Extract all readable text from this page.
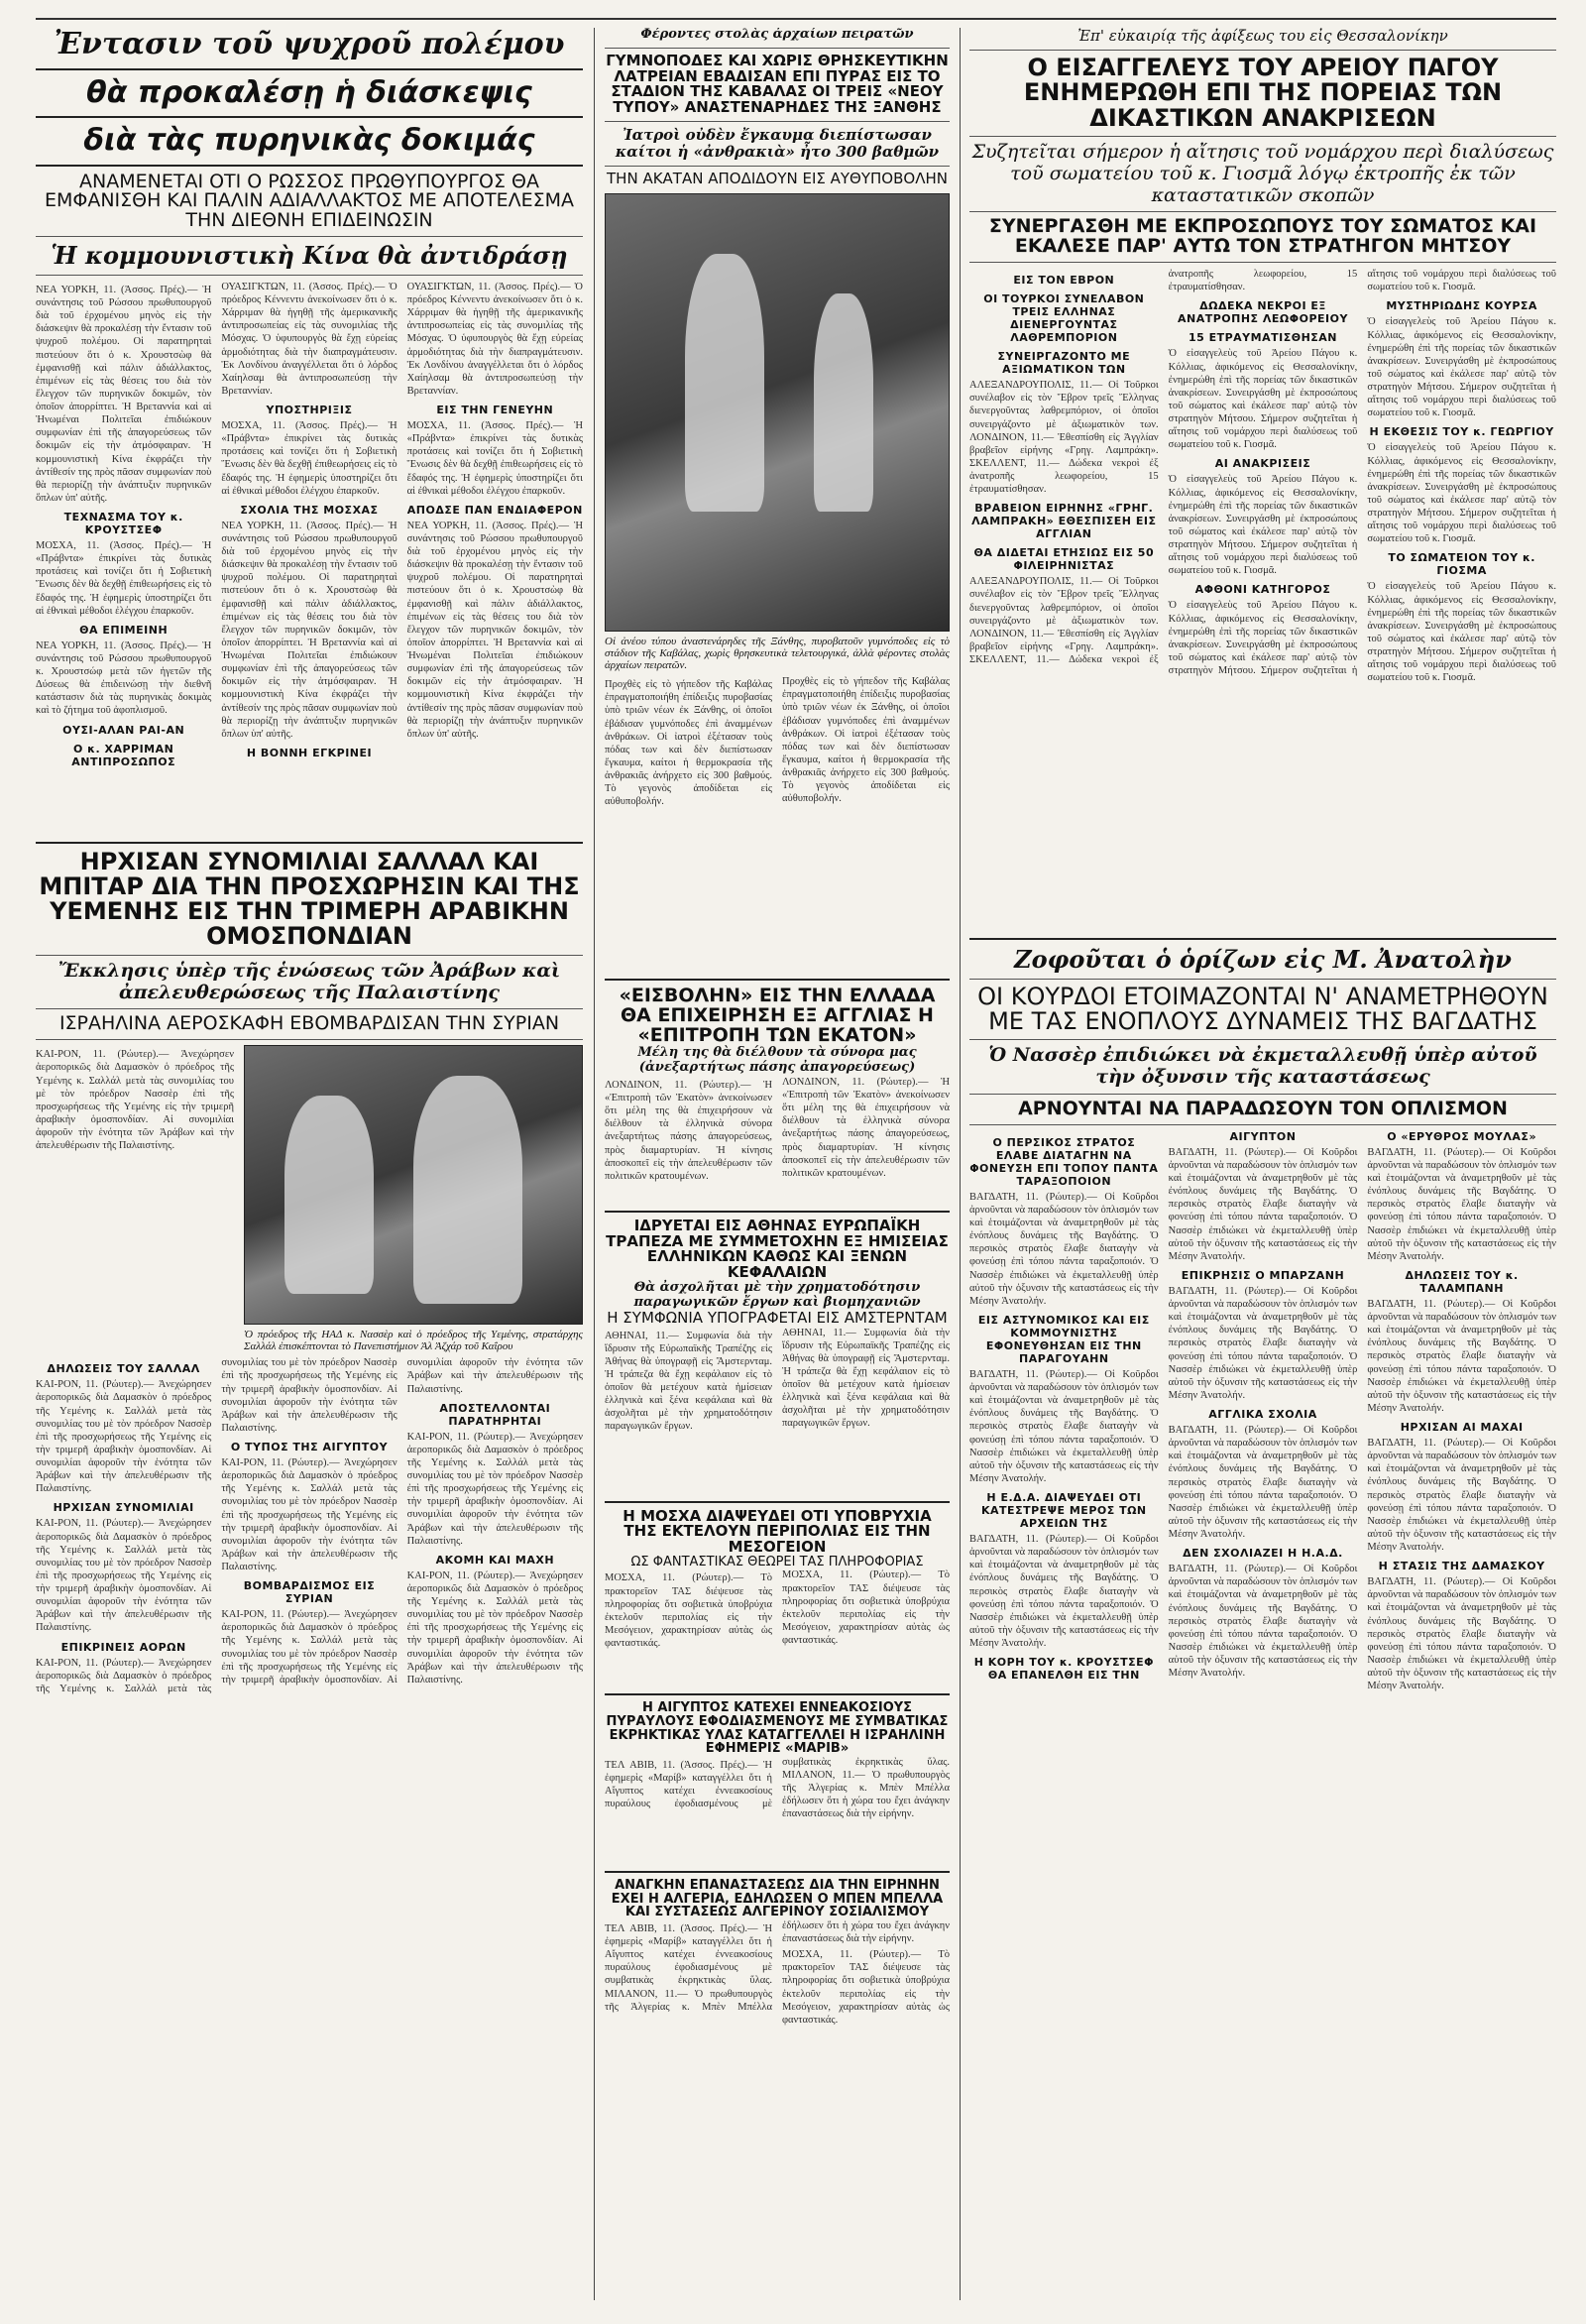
Ἐντασιν τοῦ ψυχροῦ πολέμου

θὰ προκαλέσῃ ἡ διάσκεψις

διὰ τὰς πυρηνικὰς δοκιμάς

ΑΝΑΜΕΝΕΤΑΙ ΟΤΙ Ο ΡΩΣΣΟΣ ΠΡΩΘΥΠΟΥΡΓΟΣ ΘΑ ΕΜΦΑΝΙΣΘΗ ΚΑΙ ΠΑΛΙΝ ΑΔΙΑΛΛΑΚΤΟΣ ΜΕ ΑΠΟΤΕΛΕΣΜΑ ΤΗΝ ΔΙΕΘΝΗ ΕΠΙΔΕΙΝΩΣΙΝ

Ἡ κομμουνιστικὴ Κίνα θὰ ἀντιδράσῃ

ΝΕΑ ΥΟΡΚΗ, 11. (Ἀσσος. Πρές).— Ἡ συνάντησις τοῦ Ρώσσου πρωθυπουργοῦ διὰ τοῦ ἐρχομένου μηνὸς εἰς τὴν διάσκεψιν θὰ προκαλέσῃ τὴν ἔντασιν τοῦ ψυχροῦ πολέμου. Οἱ παρατηρηταὶ πιστεύουν ὅτι ὁ κ. Χρουστσὼφ θὰ ἐμφανισθῇ καὶ πάλιν ἀδιάλλακτος, ἐπιμένων εἰς τὰς θέσεις του διὰ τὸν ἔλεγχον τῶν πυρηνικῶν δοκιμῶν, τὸν ὁποῖον ἀπορρίπτει. Ἡ Βρεταννία καὶ αἱ Ἡνωμέναι Πολιτεῖαι ἐπιδιώκουν συμφωνίαν ἐπὶ τῆς ἀπαγορεύσεως τῶν δοκιμῶν εἰς τὴν ἀτμόσφαιραν. Ἡ κομμουνιστικὴ Κίνα ἐκφράζει τὴν ἀντίθεσίν της πρὸς πᾶσαν συμφωνίαν ποὺ θὰ περιορίζῃ τὴν ἀνάπτυξιν πυρηνικῶν ὅπλων ὑπ' αὐτῆς.

ΤΕΧΝΑΣΜΑ ΤΟΥ κ. ΚΡΟΥΣΤΣΕΦ

ΜΟΣΧΑ, 11. (Ἀσσος. Πρές).— Ἡ «Πράβντα» ἐπικρίνει τὰς δυτικὰς προτάσεις καὶ τονίζει ὅτι ἡ Σοβιετικὴ Ἕνωσις δὲν θὰ δεχθῇ ἐπιθεωρήσεις εἰς τὸ ἔδαφός της. Ἡ ἐφημερὶς ὑποστηρίζει ὅτι αἱ ἐθνικαὶ μέθοδοι ἐλέγχου ἐπαρκοῦν.

ΘΑ ΕΠΙΜΕΙΝΗ

ΝΕΑ ΥΟΡΚΗ, 11. (Ἀσσος. Πρές).— Ἡ συνάντησις τοῦ Ρώσσου πρωθυπουργοῦ κ. Χρουστσώφ μετὰ τῶν ἡγετῶν τῆς Δύσεως θὰ ἐπιδεινώσῃ τὴν διεθνῆ κατάστασιν διὰ τὰς πυρηνικὰς δοκιμὰς καὶ τὸ ζήτημα τοῦ ἀφοπλισμοῦ.

ΟΥΣΙ-ΑΛΑΝ ΡΑΙ-ΑΝ

Ο κ. ΧΑΡΡΙΜΑΝ ΑΝΤΙΠΡΟΣΩΠΟΣ

ΟΥΑΣΙΓΚΤΩΝ, 11. (Ἀσσος. Πρές).— Ὁ πρόεδρος Κέννεντυ ἀνεκοίνωσεν ὅτι ὁ κ. Χάρριμαν θὰ ἡγηθῇ τῆς ἀμερικανικῆς ἀντιπροσωπείας εἰς τὰς συνομιλίας τῆς Μόσχας. Ὁ ὑφυπουργὸς θὰ ἔχῃ εὐρείας ἁρμοδιότητας διὰ τὴν διαπραγμάτευσιν. Ἐκ Λονδίνου ἀναγγέλλεται ὅτι ὁ λόρδος Χαίηλσαμ θὰ ἀντιπροσωπεύσῃ τὴν Βρεταννίαν.

ΥΠΟΣΤΗΡΙΞΙΣ

ΜΟΣΧΑ, 11. (Ἀσσος. Πρές).— Ἡ «Πράβντα» ἐπικρίνει τὰς δυτικὰς προτάσεις καὶ τονίζει ὅτι ἡ Σοβιετικὴ Ἕνωσις δὲν θὰ δεχθῇ ἐπιθεωρήσεις εἰς τὸ ἔδαφός της. Ἡ ἐφημερὶς ὑποστηρίζει ὅτι αἱ ἐθνικαὶ μέθοδοι ἐλέγχου ἐπαρκοῦν.

ΣΧΟΛΙΑ ΤΗΣ ΜΟΣΧΑΣ

ΝΕΑ ΥΟΡΚΗ, 11. (Ἀσσος. Πρές).— Ἡ συνάντησις τοῦ Ρώσσου πρωθυπουργοῦ διὰ τοῦ ἐρχομένου μηνὸς εἰς τὴν διάσκεψιν θὰ προκαλέσῃ τὴν ἔντασιν τοῦ ψυχροῦ πολέμου. Οἱ παρατηρηταὶ πιστεύουν ὅτι ὁ κ. Χρουστσὼφ θὰ ἐμφανισθῇ καὶ πάλιν ἀδιάλλακτος, ἐπιμένων εἰς τὰς θέσεις του διὰ τὸν ἔλεγχον τῶν πυρηνικῶν δοκιμῶν, τὸν ὁποῖον ἀπορρίπτει. Ἡ Βρεταννία καὶ αἱ Ἡνωμέναι Πολιτεῖαι ἐπιδιώκουν συμφωνίαν ἐπὶ τῆς ἀπαγορεύσεως τῶν δοκιμῶν εἰς τὴν ἀτμόσφαιραν. Ἡ κομμουνιστικὴ Κίνα ἐκφράζει τὴν ἀντίθεσίν της πρὸς πᾶσαν συμφωνίαν ποὺ θὰ περιορίζῃ τὴν ἀνάπτυξιν πυρηνικῶν ὅπλων ὑπ' αὐτῆς.

Η ΒΟΝΝΗ ΕΓΚΡΙΝΕΙ

ΟΥΑΣΙΓΚΤΩΝ, 11. (Ἀσσος. Πρές).— Ὁ πρόεδρος Κέννεντυ ἀνεκοίνωσεν ὅτι ὁ κ. Χάρριμαν θὰ ἡγηθῇ τῆς ἀμερικανικῆς ἀντιπροσωπείας εἰς τὰς συνομιλίας τῆς Μόσχας. Ὁ ὑφυπουργὸς θὰ ἔχῃ εὐρείας ἁρμοδιότητας διὰ τὴν διαπραγμάτευσιν. Ἐκ Λονδίνου ἀναγγέλλεται ὅτι ὁ λόρδος Χαίηλσαμ θὰ ἀντιπροσωπεύσῃ τὴν Βρεταννίαν.

ΕΙΣ ΤΗΝ ΓΕΝΕΥΗΝ

ΜΟΣΧΑ, 11. (Ἀσσος. Πρές).— Ἡ «Πράβντα» ἐπικρίνει τὰς δυτικὰς προτάσεις καὶ τονίζει ὅτι ἡ Σοβιετικὴ Ἕνωσις δὲν θὰ δεχθῇ ἐπιθεωρήσεις εἰς τὸ ἔδαφός της. Ἡ ἐφημερὶς ὑποστηρίζει ὅτι αἱ ἐθνικαὶ μέθοδοι ἐλέγχου ἐπαρκοῦν.

ΑΠΟΔΣΕ ΠΑΝ ΕΝΔΙΑΦΕΡΟΝ

ΝΕΑ ΥΟΡΚΗ, 11. (Ἀσσος. Πρές).— Ἡ συνάντησις τοῦ Ρώσσου πρωθυπουργοῦ διὰ τοῦ ἐρχομένου μηνὸς εἰς τὴν διάσκεψιν θὰ προκαλέσῃ τὴν ἔντασιν τοῦ ψυχροῦ πολέμου. Οἱ παρατηρηταὶ πιστεύουν ὅτι ὁ κ. Χρουστσὼφ θὰ ἐμφανισθῇ καὶ πάλιν ἀδιάλλακτος, ἐπιμένων εἰς τὰς θέσεις του διὰ τὸν ἔλεγχον τῶν πυρηνικῶν δοκιμῶν, τὸν ὁποῖον ἀπορρίπτει. Ἡ Βρεταννία καὶ αἱ Ἡνωμέναι Πολιτεῖαι ἐπιδιώκουν συμφωνίαν ἐπὶ τῆς ἀπαγορεύσεως τῶν δοκιμῶν εἰς τὴν ἀτμόσφαιραν. Ἡ κομμουνιστικὴ Κίνα ἐκφράζει τὴν ἀντίθεσίν της πρὸς πᾶσαν συμφωνίαν ποὺ θὰ περιορίζῃ τὴν ἀνάπτυξιν πυρηνικῶν ὅπλων ὑπ' αὐτῆς.

ΗΡΧΙΣΑΝ ΣΥΝΟΜΙΛΙΑΙ ΣΑΛΛΑΛ ΚΑΙ ΜΠΙΤΑΡ ΔΙΑ ΤΗΝ ΠΡΟΣΧΩΡΗΣΙΝ ΚΑΙ ΤΗΣ ΥΕΜΕΝΗΣ ΕΙΣ ΤΗΝ ΤΡΙΜΕΡΗ ΑΡΑΒΙΚΗΝ ΟΜΟΣΠΟΝΔΙΑΝ

Ἔκκλησις ὑπὲρ τῆς ἑνώσεως τῶν Ἀράβων καὶ ἀπελευθερώσεως τῆς Παλαιστίνης

ΙΣΡΑΗΛΙΝΑ ΑΕΡΟΣΚΑΦΗ ΕΒΟΜΒΑΡΔΙΣΑΝ ΤΗΝ ΣΥΡΙΑΝ

ΚΑΙ-ΡΟΝ, 11. (Ρώυτερ).— Ἀνεχώρησεν ἀεροπορικῶς διὰ Δαμασκὸν ὁ πρόεδρος τῆς Υεμένης κ. Σαλλάλ μετὰ τὰς συνομιλίας του μὲ τὸν πρόεδρον Νασσὲρ ἐπὶ τῆς προσχωρήσεως τῆς Υεμένης εἰς τὴν τριμερῆ ἀραβικὴν ὁμοσπονδίαν. Αἱ συνομιλίαι ἀφοροῦν τὴν ἑνότητα τῶν Ἀράβων καὶ τὴν ἀπελευθέρωσιν τῆς Παλαιστίνης.

Ὁ πρόεδρος τῆς ΗΑΔ κ. Νασσὲρ καὶ ὁ πρόεδρος τῆς Υεμένης, στρατάρχης Σαλλάλ ἐπισκέπτονται τὸ Πανεπιστήμιον Ἀλ Ἀζχάρ τοῦ Καΐρου

ΔΗΛΩΣΕΙΣ ΤΟΥ ΣΑΛΛΑΛ

ΚΑΙ-ΡΟΝ, 11. (Ρώυτερ).— Ἀνεχώρησεν ἀεροπορικῶς διὰ Δαμασκὸν ὁ πρόεδρος τῆς Υεμένης κ. Σαλλάλ μετὰ τὰς συνομιλίας του μὲ τὸν πρόεδρον Νασσὲρ ἐπὶ τῆς προσχωρήσεως τῆς Υεμένης εἰς τὴν τριμερῆ ἀραβικὴν ὁμοσπονδίαν. Αἱ συνομιλίαι ἀφοροῦν τὴν ἑνότητα τῶν Ἀράβων καὶ τὴν ἀπελευθέρωσιν τῆς Παλαιστίνης.

ΗΡΧΙΣΑΝ ΣΥΝΟΜΙΛΙΑΙ

ΚΑΙ-ΡΟΝ, 11. (Ρώυτερ).— Ἀνεχώρησεν ἀεροπορικῶς διὰ Δαμασκὸν ὁ πρόεδρος τῆς Υεμένης κ. Σαλλάλ μετὰ τὰς συνομιλίας του μὲ τὸν πρόεδρον Νασσὲρ ἐπὶ τῆς προσχωρήσεως τῆς Υεμένης εἰς τὴν τριμερῆ ἀραβικὴν ὁμοσπονδίαν. Αἱ συνομιλίαι ἀφοροῦν τὴν ἑνότητα τῶν Ἀράβων καὶ τὴν ἀπελευθέρωσιν τῆς Παλαιστίνης.

ΕΠΙΚΡΙΝΕΙΣ ΑΟΡΩΝ

ΚΑΙ-ΡΟΝ, 11. (Ρώυτερ).— Ἀνεχώρησεν ἀεροπορικῶς διὰ Δαμασκὸν ὁ πρόεδρος τῆς Υεμένης κ. Σαλλάλ μετὰ τὰς συνομιλίας του μὲ τὸν πρόεδρον Νασσὲρ ἐπὶ τῆς προσχωρήσεως τῆς Υεμένης εἰς τὴν τριμερῆ ἀραβικὴν ὁμοσπονδίαν. Αἱ συνομιλίαι ἀφοροῦν τὴν ἑνότητα τῶν Ἀράβων καὶ τὴν ἀπελευθέρωσιν τῆς Παλαιστίνης.

Ο ΤΥΠΟΣ ΤΗΣ ΑΙΓΥΠΤΟΥ

ΚΑΙ-ΡΟΝ, 11. (Ρώυτερ).— Ἀνεχώρησεν ἀεροπορικῶς διὰ Δαμασκὸν ὁ πρόεδρος τῆς Υεμένης κ. Σαλλάλ μετὰ τὰς συνομιλίας του μὲ τὸν πρόεδρον Νασσὲρ ἐπὶ τῆς προσχωρήσεως τῆς Υεμένης εἰς τὴν τριμερῆ ἀραβικὴν ὁμοσπονδίαν. Αἱ συνομιλίαι ἀφοροῦν τὴν ἑνότητα τῶν Ἀράβων καὶ τὴν ἀπελευθέρωσιν τῆς Παλαιστίνης.

ΒΟΜΒΑΡΔΙΣΜΟΣ ΕΙΣ ΣΥΡΙΑΝ

ΚΑΙ-ΡΟΝ, 11. (Ρώυτερ).— Ἀνεχώρησεν ἀεροπορικῶς διὰ Δαμασκὸν ὁ πρόεδρος τῆς Υεμένης κ. Σαλλάλ μετὰ τὰς συνομιλίας του μὲ τὸν πρόεδρον Νασσὲρ ἐπὶ τῆς προσχωρήσεως τῆς Υεμένης εἰς τὴν τριμερῆ ἀραβικὴν ὁμοσπονδίαν. Αἱ συνομιλίαι ἀφοροῦν τὴν ἑνότητα τῶν Ἀράβων καὶ τὴν ἀπελευθέρωσιν τῆς Παλαιστίνης.

ΑΠΟΣΤΕΛΛΟΝΤΑΙ ΠΑΡΑΤΗΡΗΤΑΙ

ΚΑΙ-ΡΟΝ, 11. (Ρώυτερ).— Ἀνεχώρησεν ἀεροπορικῶς διὰ Δαμασκὸν ὁ πρόεδρος τῆς Υεμένης κ. Σαλλάλ μετὰ τὰς συνομιλίας του μὲ τὸν πρόεδρον Νασσὲρ ἐπὶ τῆς προσχωρήσεως τῆς Υεμένης εἰς τὴν τριμερῆ ἀραβικὴν ὁμοσπονδίαν. Αἱ συνομιλίαι ἀφοροῦν τὴν ἑνότητα τῶν Ἀράβων καὶ τὴν ἀπελευθέρωσιν τῆς Παλαιστίνης.

ΑΚΟΜΗ ΚΑΙ ΜΑΧΗ

ΚΑΙ-ΡΟΝ, 11. (Ρώυτερ).— Ἀνεχώρησεν ἀεροπορικῶς διὰ Δαμασκὸν ὁ πρόεδρος τῆς Υεμένης κ. Σαλλάλ μετὰ τὰς συνομιλίας του μὲ τὸν πρόεδρον Νασσὲρ ἐπὶ τῆς προσχωρήσεως τῆς Υεμένης εἰς τὴν τριμερῆ ἀραβικὴν ὁμοσπονδίαν. Αἱ συνομιλίαι ἀφοροῦν τὴν ἑνότητα τῶν Ἀράβων καὶ τὴν ἀπελευθέρωσιν τῆς Παλαιστίνης.

Φέροντες στολὰς ἀρχαίων πειρατῶν

ΓΥΜΝΟΠΟΔΕΣ ΚΑΙ ΧΩΡΙΣ ΘΡΗΣΚΕΥΤΙΚΗΝ ΛΑΤΡΕΙΑΝ ΕΒΑΔΙΣΑΝ ΕΠΙ ΠΥΡΑΣ ΕΙΣ ΤΟ ΣΤΑΔΙΟΝ ΤΗΣ ΚΑΒΑΛΑΣ ΟΙ ΤΡΕΙΣ «ΝΕΟΥ ΤΥΠΟΥ» ΑΝΑΣΤΕΝΑΡΗΔΕΣ ΤΗΣ ΞΑΝΘΗΣ

Ἰατροὶ οὐδὲν ἔγκαυμα διεπίστωσαν καίτοι ἡ «ἀνθρακιὰ» ἦτο 300 βαθμῶν

ΤΗΝ ΑΚΑΤΑΝ ΑΠΟΔΙΔΟΥΝ ΕΙΣ ΑΥΘΥΠΟΒΟΛΗΝ

Οἱ ἀνέου τύπου ἀναστενάρηδες τῆς Ξάνθης, πυροβατοῦν γυμνόποδες εἰς τὸ στάδιον τῆς Καβάλας, χωρὶς θρησκευτικὰ τελετουργικά, ἀλλὰ φέροντες στολὰς ἀρχαίων πειρατῶν.

Προχθὲς εἰς τὸ γήπεδον τῆς Καβάλας ἐπραγματοποιήθη ἐπίδειξις πυροβασίας ὑπὸ τριῶν νέων ἐκ Ξάνθης, οἱ ὁποῖοι ἐβάδισαν γυμνόποδες ἐπὶ ἀναμμένων ἀνθράκων. Οἱ ἰατροὶ ἐξέτασαν τοὺς πόδας των καὶ δὲν διεπίστωσαν ἔγκαυμα, καίτοι ἡ θερμοκρασία τῆς ἀνθρακιᾶς ἀνήρχετο εἰς 300 βαθμούς. Τὸ γεγονὸς ἀποδίδεται εἰς αὐθυποβολήν.

Προχθὲς εἰς τὸ γήπεδον τῆς Καβάλας ἐπραγματοποιήθη ἐπίδειξις πυροβασίας ὑπὸ τριῶν νέων ἐκ Ξάνθης, οἱ ὁποῖοι ἐβάδισαν γυμνόποδες ἐπὶ ἀναμμένων ἀνθράκων. Οἱ ἰατροὶ ἐξέτασαν τοὺς πόδας των καὶ δὲν διεπίστωσαν ἔγκαυμα, καίτοι ἡ θερμοκρασία τῆς ἀνθρακιᾶς ἀνήρχετο εἰς 300 βαθμούς. Τὸ γεγονὸς ἀποδίδεται εἰς αὐθυποβολήν.

«ΕΙΣΒΟΛΗΝ» ΕΙΣ ΤΗΝ ΕΛΛΑΔΑ ΘΑ ΕΠΙΧΕΙΡΗΣΗ ΕΞ ΑΓΓΛΙΑΣ Η «ΕΠΙΤΡΟΠΗ ΤΩΝ ΕΚΑΤΟΝ»

Μέλη της θὰ διέλθουν τὰ σύνορα μας (ἀνεξαρτήτως πάσης ἀπαγορεύσεως)

ΛΟΝΔΙΝΟΝ, 11. (Ρώυτερ).— Ἡ «Ἐπιτροπὴ τῶν Ἑκατὸν» ἀνεκοίνωσεν ὅτι μέλη της θὰ ἐπιχειρήσουν νὰ διέλθουν τὰ ἑλληνικὰ σύνορα ἀνεξαρτήτως πάσης ἀπαγορεύσεως, πρὸς διαμαρτυρίαν. Ἡ κίνησις ἀποσκοπεῖ εἰς τὴν ἀπελευθέρωσιν τῶν πολιτικῶν κρατουμένων.

ΛΟΝΔΙΝΟΝ, 11. (Ρώυτερ).— Ἡ «Ἐπιτροπὴ τῶν Ἑκατὸν» ἀνεκοίνωσεν ὅτι μέλη της θὰ ἐπιχειρήσουν νὰ διέλθουν τὰ ἑλληνικὰ σύνορα ἀνεξαρτήτως πάσης ἀπαγορεύσεως, πρὸς διαμαρτυρίαν. Ἡ κίνησις ἀποσκοπεῖ εἰς τὴν ἀπελευθέρωσιν τῶν πολιτικῶν κρατουμένων.

ΙΔΡΥΕΤΑΙ ΕΙΣ ΑΘΗΝΑΣ ΕΥΡΩΠΑΪΚΗ ΤΡΑΠΕΖΑ ΜΕ ΣΥΜΜΕΤΟΧΗΝ ΕΞ ΗΜΙΣΕΙΑΣ ΕΛΛΗΝΙΚΩΝ ΚΑΘΩΣ ΚΑΙ ΞΕΝΩΝ ΚΕΦΑΛΑΙΩΝ

Θὰ ἀσχολῆται μὲ τὴν χρηματοδότησιν παραγωγικῶν ἔργων καὶ βιομηχανιῶν

Η ΣΥΜΦΩΝΙΑ ΥΠΟΓΡΑΦΕΤΑΙ ΕΙΣ ΑΜΣΤΕΡΝΤΑΜ

ΑΘΗΝΑΙ, 11.— Συμφωνία διὰ τὴν ἵδρυσιν τῆς Εὐρωπαϊκῆς Τραπέζης εἰς Ἀθήνας θὰ ὑπογραφῇ εἰς Ἄμστερνταμ. Ἡ τράπεζα θὰ ἔχῃ κεφάλαιον εἰς τὸ ὁποῖον θὰ μετέχουν κατὰ ἡμίσειαν ἑλληνικὰ καὶ ξένα κεφάλαια καὶ θὰ ἀσχολῆται μὲ τὴν χρηματοδότησιν παραγωγικῶν ἔργων.

ΑΘΗΝΑΙ, 11.— Συμφωνία διὰ τὴν ἵδρυσιν τῆς Εὐρωπαϊκῆς Τραπέζης εἰς Ἀθήνας θὰ ὑπογραφῇ εἰς Ἄμστερνταμ. Ἡ τράπεζα θὰ ἔχῃ κεφάλαιον εἰς τὸ ὁποῖον θὰ μετέχουν κατὰ ἡμίσειαν ἑλληνικὰ καὶ ξένα κεφάλαια καὶ θὰ ἀσχολῆται μὲ τὴν χρηματοδότησιν παραγωγικῶν ἔργων.

Η ΜΟΣΧΑ ΔΙΑΨΕΥΔΕΙ ΟΤΙ ΥΠΟΒΡΥΧΙΑ ΤΗΣ ΕΚΤΕΛΟΥΝ ΠΕΡΙΠΟΛΙΑΣ ΕΙΣ ΤΗΝ ΜΕΣΟΓΕΙΟΝ

ΩΣ ΦΑΝΤΑΣΤΙΚΑΣ ΘΕΩΡΕΙ ΤΑΣ ΠΛΗΡΟΦΟΡΙΑΣ

ΜΟΣΧΑ, 11. (Ρώυτερ).— Τὸ πρακτορεῖον ΤΑΣ διέψευσε τὰς πληροφορίας ὅτι σοβιετικὰ ὑποβρύχια ἐκτελοῦν περιπολίας εἰς τὴν Μεσόγειον, χαρακτηρίσαν αὐτὰς ὡς φανταστικάς.

ΜΟΣΧΑ, 11. (Ρώυτερ).— Τὸ πρακτορεῖον ΤΑΣ διέψευσε τὰς πληροφορίας ὅτι σοβιετικὰ ὑποβρύχια ἐκτελοῦν περιπολίας εἰς τὴν Μεσόγειον, χαρακτηρίσαν αὐτὰς ὡς φανταστικάς.

Η ΑΙΓΥΠΤΟΣ ΚΑΤΕΧΕΙ ΕΝΝΕΑΚΟΣΙΟΥΣ ΠΥΡΑΥΛΟΥΣ ΕΦΟΔΙΑΣΜΕΝΟΥΣ ΜΕ ΣΥΜΒΑΤΙΚΑΣ ΕΚΡΗΚΤΙΚΑΣ ΥΛΑΣ ΚΑΤΑΓΓΕΛΛΕΙ Η ΙΣΡΑΗΛΙΝΗ ΕΦΗΜΕΡΙΣ «ΜΑΡΙΒ»

ΤΕΛ ΑΒΙΒ, 11. (Ἀσσος. Πρές).— Ἡ ἐφημερὶς «Μαρίβ» καταγγέλλει ὅτι ἡ Αἴγυπτος κατέχει ἐννεακοσίους πυραύλους ἐφοδιασμένους μὲ συμβατικὰς ἐκρηκτικὰς ὕλας. ΜΙΛΑΝΟΝ, 11.— Ὁ πρωθυπουργὸς τῆς Ἀλγερίας κ. Μπὲν Μπέλλα ἐδήλωσεν ὅτι ἡ χώρα του ἔχει ἀνάγκην ἐπαναστάσεως διὰ τὴν εἰρήνην.

ΑΝΑΓΚΗΝ ΕΠΑΝΑΣΤΑΣΕΩΣ ΔΙΑ ΤΗΝ ΕΙΡΗΝΗΝ ΕΧΕΙ Η ΑΛΓΕΡΙΑ, ΕΔΗΛΩΣΕΝ Ο ΜΠΕΝ ΜΠΕΛΛΑ ΚΑΙ ΣΥΣΤΑΣΕΩΣ ΑΛΓΕΡΙΝΟΥ ΣΟΣΙΑΛΙΣΜΟΥ

ΤΕΛ ΑΒΙΒ, 11. (Ἀσσος. Πρές).— Ἡ ἐφημερὶς «Μαρίβ» καταγγέλλει ὅτι ἡ Αἴγυπτος κατέχει ἐννεακοσίους πυραύλους ἐφοδιασμένους μὲ συμβατικὰς ἐκρηκτικὰς ὕλας. ΜΙΛΑΝΟΝ, 11.— Ὁ πρωθυπουργὸς τῆς Ἀλγερίας κ. Μπὲν Μπέλλα ἐδήλωσεν ὅτι ἡ χώρα του ἔχει ἀνάγκην ἐπαναστάσεως διὰ τὴν εἰρήνην.

ΜΟΣΧΑ, 11. (Ρώυτερ).— Τὸ πρακτορεῖον ΤΑΣ διέψευσε τὰς πληροφορίας ὅτι σοβιετικὰ ὑποβρύχια ἐκτελοῦν περιπολίας εἰς τὴν Μεσόγειον, χαρακτηρίσαν αὐτὰς ὡς φανταστικάς.

Ἐπ' εὐκαιρίᾳ τῆς ἀφίξεως του εἰς Θεσσαλονίκην

Ο ΕΙΣΑΓΓΕΛΕΥΣ ΤΟΥ ΑΡΕΙΟΥ ΠΑΓΟΥ ΕΝΗΜΕΡΩΘΗ ΕΠΙ ΤΗΣ ΠΟΡΕΙΑΣ ΤΩΝ ΔΙΚΑΣΤΙΚΩΝ ΑΝΑΚΡΙΣΕΩΝ

Συζητεῖται σήμερον ἡ αἴτησις τοῦ νομάρχου περὶ διαλύσεως τοῦ σωματείου τοῦ κ. Γιοσμᾶ λόγῳ ἐκτροπῆς ἐκ τῶν καταστατικῶν σκοπῶν

ΣΥΝΕΡΓΑΣΘΗ ΜΕ ΕΚΠΡΟΣΩΠΟΥΣ ΤΟΥ ΣΩΜΑΤΟΣ ΚΑΙ ΕΚΑΛΕΣΕ ΠΑΡ' ΑΥΤΩ ΤΟΝ ΣΤΡΑΤΗΓΟΝ ΜΗΤΣΟΥ

ΕΙΣ ΤΟΝ ΕΒΡΟΝ

ΟΙ ΤΟΥΡΚΟΙ ΣΥΝΕΛΑΒΟΝ ΤΡΕΙΣ ΕΛΛΗΝΑΣ ΔΙΕΝΕΡΓΟΥΝΤΑΣ ΛΑΘΡΕΜΠΟΡΙΟΝ

ΣΥΝΕΙΡΓΑΖΟΝΤΟ ΜΕ ΑΞΙΩΜΑΤΙΚΟΝ ΤΩΝ

ΑΛΕΞΑΝΔΡΟΥΠΟΛΙΣ, 11.— Οἱ Τοῦρκοι συνέλαβον εἰς τὸν Ἕβρον τρεῖς Ἕλληνας διενεργοῦντας λαθρεμπόριον, οἱ ὁποῖοι συνειργάζοντο μὲ ἀξιωματικὸν των. ΛΟΝΔΙΝΟΝ, 11.— Ἐθεσπίσθη εἰς Ἀγγλίαν βραβεῖον εἰρήνης «Γρηγ. Λαμπράκη». ΣΚΕΛΛΕΝΤ, 11.— Δώδεκα νεκροὶ ἐξ ἀνατροπῆς λεωφορείου, 15 ἐτραυματίσθησαν.

ΒΡΑΒΕΙΟΝ ΕΙΡΗΝΗΣ «ΓΡΗΓ. ΛΑΜΠΡΑΚΗ» ΕΘΕΣΠΙΣΕΗ ΕΙΣ ΑΓΓΛΙΑΝ

ΘΑ ΔΙΔΕΤΑΙ ΕΤΗΣΙΩΣ ΕΙΣ 50 ΦΙΛΕΙΡΗΝΙΣΤΑΣ

ΑΛΕΞΑΝΔΡΟΥΠΟΛΙΣ, 11.— Οἱ Τοῦρκοι συνέλαβον εἰς τὸν Ἕβρον τρεῖς Ἕλληνας διενεργοῦντας λαθρεμπόριον, οἱ ὁποῖοι συνειργάζοντο μὲ ἀξιωματικὸν των. ΛΟΝΔΙΝΟΝ, 11.— Ἐθεσπίσθη εἰς Ἀγγλίαν βραβεῖον εἰρήνης «Γρηγ. Λαμπράκη». ΣΚΕΛΛΕΝΤ, 11.— Δώδεκα νεκροὶ ἐξ ἀνατροπῆς λεωφορείου, 15 ἐτραυματίσθησαν.

ΔΩΔΕΚΑ ΝΕΚΡΟΙ ΕΞ ΑΝΑΤΡΟΠΗΣ ΛΕΩΦΟΡΕΙΟΥ

15 ΕΤΡΑΥΜΑΤΙΣΘΗΣΑΝ

Ὁ εἰσαγγελεὺς τοῦ Ἀρείου Πάγου κ. Κόλλιας, ἀφικόμενος εἰς Θεσσαλονίκην, ἐνημερώθη ἐπὶ τῆς πορείας τῶν δικαστικῶν ἀνακρίσεων. Συνειργάσθη μὲ ἐκπροσώπους τοῦ σώματος καὶ ἐκάλεσε παρ' αὐτῷ τὸν στρατηγὸν Μήτσου. Σήμερον συζητεῖται ἡ αἴτησις τοῦ νομάρχου περὶ διαλύσεως τοῦ σωματείου τοῦ κ. Γιοσμᾶ.

ΑΙ ΑΝΑΚΡΙΣΕΙΣ

Ὁ εἰσαγγελεὺς τοῦ Ἀρείου Πάγου κ. Κόλλιας, ἀφικόμενος εἰς Θεσσαλονίκην, ἐνημερώθη ἐπὶ τῆς πορείας τῶν δικαστικῶν ἀνακρίσεων. Συνειργάσθη μὲ ἐκπροσώπους τοῦ σώματος καὶ ἐκάλεσε παρ' αὐτῷ τὸν στρατηγὸν Μήτσου. Σήμερον συζητεῖται ἡ αἴτησις τοῦ νομάρχου περὶ διαλύσεως τοῦ σωματείου τοῦ κ. Γιοσμᾶ.

ΑΦΘΟΝΙ ΚΑΤΗΓΟΡΟΣ

Ὁ εἰσαγγελεὺς τοῦ Ἀρείου Πάγου κ. Κόλλιας, ἀφικόμενος εἰς Θεσσαλονίκην, ἐνημερώθη ἐπὶ τῆς πορείας τῶν δικαστικῶν ἀνακρίσεων. Συνειργάσθη μὲ ἐκπροσώπους τοῦ σώματος καὶ ἐκάλεσε παρ' αὐτῷ τὸν στρατηγὸν Μήτσου. Σήμερον συζητεῖται ἡ αἴτησις τοῦ νομάρχου περὶ διαλύσεως τοῦ σωματείου τοῦ κ. Γιοσμᾶ.

ΜΥΣΤΗΡΙΩΔΗΣ ΚΟΥΡΣΑ

Ὁ εἰσαγγελεὺς τοῦ Ἀρείου Πάγου κ. Κόλλιας, ἀφικόμενος εἰς Θεσσαλονίκην, ἐνημερώθη ἐπὶ τῆς πορείας τῶν δικαστικῶν ἀνακρίσεων. Συνειργάσθη μὲ ἐκπροσώπους τοῦ σώματος καὶ ἐκάλεσε παρ' αὐτῷ τὸν στρατηγὸν Μήτσου. Σήμερον συζητεῖται ἡ αἴτησις τοῦ νομάρχου περὶ διαλύσεως τοῦ σωματείου τοῦ κ. Γιοσμᾶ.

Η ΕΚΘΕΣΙΣ ΤΟΥ κ. ΓΕΩΡΓΙΟΥ

Ὁ εἰσαγγελεὺς τοῦ Ἀρείου Πάγου κ. Κόλλιας, ἀφικόμενος εἰς Θεσσαλονίκην, ἐνημερώθη ἐπὶ τῆς πορείας τῶν δικαστικῶν ἀνακρίσεων. Συνειργάσθη μὲ ἐκπροσώπους τοῦ σώματος καὶ ἐκάλεσε παρ' αὐτῷ τὸν στρατηγὸν Μήτσου. Σήμερον συζητεῖται ἡ αἴτησις τοῦ νομάρχου περὶ διαλύσεως τοῦ σωματείου τοῦ κ. Γιοσμᾶ.

ΤΟ ΣΩΜΑΤΕΙΟΝ ΤΟΥ κ. ΓΙΟΣΜΑ

Ὁ εἰσαγγελεὺς τοῦ Ἀρείου Πάγου κ. Κόλλιας, ἀφικόμενος εἰς Θεσσαλονίκην, ἐνημερώθη ἐπὶ τῆς πορείας τῶν δικαστικῶν ἀνακρίσεων. Συνειργάσθη μὲ ἐκπροσώπους τοῦ σώματος καὶ ἐκάλεσε παρ' αὐτῷ τὸν στρατηγὸν Μήτσου. Σήμερον συζητεῖται ἡ αἴτησις τοῦ νομάρχου περὶ διαλύσεως τοῦ σωματείου τοῦ κ. Γιοσμᾶ.

Ζοφοῦται ὁ ὁρίζων εἰς Μ. Ἀνατολὴν

ΟΙ ΚΟΥΡΔΟΙ ΕΤΟΙΜΑΖΟΝΤΑΙ Ν' ΑΝΑΜΕΤΡΗΘΟΥΝ ΜΕ ΤΑΣ ΕΝΟΠΛΟΥΣ ΔΥΝΑΜΕΙΣ ΤΗΣ ΒΑΓΔΑΤΗΣ

Ὁ Νασσὲρ ἐπιδιώκει νὰ ἐκμεταλλευθῇ ὑπὲρ αὐτοῦ τὴν ὀξυνσιν τῆς καταστάσεως

ΑΡΝΟΥΝΤΑΙ ΝΑ ΠΑΡΑΔΩΣΟΥΝ ΤΟΝ ΟΠΛΙΣΜΟΝ

Ο ΠΕΡΣΙΚΟΣ ΣΤΡΑΤΟΣ ΕΛΑΒΕ ΔΙΑΤΑΓΗΝ ΝΑ ΦΟΝΕΥΣΗ ΕΠΙ ΤΟΠΟΥ ΠΑΝΤΑ ΤΑΡΑΞΟΠΟΙΟΝ

ΒΑΓΔΑΤΗ, 11. (Ρώυτερ).— Οἱ Κοῦρδοι ἀρνοῦνται νὰ παραδώσουν τὸν ὁπλισμόν των καὶ ἑτοιμάζονται νὰ ἀναμετρηθοῦν μὲ τὰς ἐνόπλους δυνάμεις τῆς Βαγδάτης. Ὁ περσικὸς στρατὸς ἔλαβε διαταγὴν νὰ φονεύσῃ ἐπὶ τόπου πάντα ταραξοποιόν. Ὁ Νασσὲρ ἐπιδιώκει νὰ ἐκμεταλλευθῇ ὑπὲρ αὐτοῦ τὴν ὀξυνσιν τῆς καταστάσεως εἰς τὴν Μέσην Ἀνατολήν.

ΕΙΣ ΑΣΤΥΝΟΜΙΚΟΣ ΚΑΙ ΕΙΣ ΚΟΜΜΟΥΝΙΣΤΗΣ ΕΦΟΝΕΥΘΗΣΑΝ ΕΙΣ ΤΗΝ ΠΑΡΑΓΟΥΑΗΝ

ΒΑΓΔΑΤΗ, 11. (Ρώυτερ).— Οἱ Κοῦρδοι ἀρνοῦνται νὰ παραδώσουν τὸν ὁπλισμόν των καὶ ἑτοιμάζονται νὰ ἀναμετρηθοῦν μὲ τὰς ἐνόπλους δυνάμεις τῆς Βαγδάτης. Ὁ περσικὸς στρατὸς ἔλαβε διαταγὴν νὰ φονεύσῃ ἐπὶ τόπου πάντα ταραξοποιόν. Ὁ Νασσὲρ ἐπιδιώκει νὰ ἐκμεταλλευθῇ ὑπὲρ αὐτοῦ τὴν ὀξυνσιν τῆς καταστάσεως εἰς τὴν Μέσην Ἀνατολήν.

Η Ε.Δ.Α. ΔΙΑΨΕΥΔΕΙ ΟΤΙ ΚΑΤΕΣΤΡΕΨΕ ΜΕΡΟΣ ΤΩΝ ΑΡΧΕΙΩΝ ΤΗΣ

ΒΑΓΔΑΤΗ, 11. (Ρώυτερ).— Οἱ Κοῦρδοι ἀρνοῦνται νὰ παραδώσουν τὸν ὁπλισμόν των καὶ ἑτοιμάζονται νὰ ἀναμετρηθοῦν μὲ τὰς ἐνόπλους δυνάμεις τῆς Βαγδάτης. Ὁ περσικὸς στρατὸς ἔλαβε διαταγὴν νὰ φονεύσῃ ἐπὶ τόπου πάντα ταραξοποιόν. Ὁ Νασσὲρ ἐπιδιώκει νὰ ἐκμεταλλευθῇ ὑπὲρ αὐτοῦ τὴν ὀξυνσιν τῆς καταστάσεως εἰς τὴν Μέσην Ἀνατολήν.

Η ΚΟΡΗ ΤΟΥ κ. ΚΡΟΥΣΤΣΕΦ ΘΑ ΕΠΑΝΕΛΘΗ ΕΙΣ ΤΗΝ ΑΙΓΥΠΤΟΝ

ΒΑΓΔΑΤΗ, 11. (Ρώυτερ).— Οἱ Κοῦρδοι ἀρνοῦνται νὰ παραδώσουν τὸν ὁπλισμόν των καὶ ἑτοιμάζονται νὰ ἀναμετρηθοῦν μὲ τὰς ἐνόπλους δυνάμεις τῆς Βαγδάτης. Ὁ περσικὸς στρατὸς ἔλαβε διαταγὴν νὰ φονεύσῃ ἐπὶ τόπου πάντα ταραξοποιόν. Ὁ Νασσὲρ ἐπιδιώκει νὰ ἐκμεταλλευθῇ ὑπὲρ αὐτοῦ τὴν ὀξυνσιν τῆς καταστάσεως εἰς τὴν Μέσην Ἀνατολήν.

ΕΠΙΚΡΗΣΙΣ Ο ΜΠΑΡΖΑΝΗ

ΒΑΓΔΑΤΗ, 11. (Ρώυτερ).— Οἱ Κοῦρδοι ἀρνοῦνται νὰ παραδώσουν τὸν ὁπλισμόν των καὶ ἑτοιμάζονται νὰ ἀναμετρηθοῦν μὲ τὰς ἐνόπλους δυνάμεις τῆς Βαγδάτης. Ὁ περσικὸς στρατὸς ἔλαβε διαταγὴν νὰ φονεύσῃ ἐπὶ τόπου πάντα ταραξοποιόν. Ὁ Νασσὲρ ἐπιδιώκει νὰ ἐκμεταλλευθῇ ὑπὲρ αὐτοῦ τὴν ὀξυνσιν τῆς καταστάσεως εἰς τὴν Μέσην Ἀνατολήν.

ΑΓΓΛΙΚΑ ΣΧΟΛΙΑ

ΒΑΓΔΑΤΗ, 11. (Ρώυτερ).— Οἱ Κοῦρδοι ἀρνοῦνται νὰ παραδώσουν τὸν ὁπλισμόν των καὶ ἑτοιμάζονται νὰ ἀναμετρηθοῦν μὲ τὰς ἐνόπλους δυνάμεις τῆς Βαγδάτης. Ὁ περσικὸς στρατὸς ἔλαβε διαταγὴν νὰ φονεύσῃ ἐπὶ τόπου πάντα ταραξοποιόν. Ὁ Νασσὲρ ἐπιδιώκει νὰ ἐκμεταλλευθῇ ὑπὲρ αὐτοῦ τὴν ὀξυνσιν τῆς καταστάσεως εἰς τὴν Μέσην Ἀνατολήν.

ΔΕΝ ΣΧΟΛΙΑΖΕΙ Η Η.Α.Δ.

ΒΑΓΔΑΤΗ, 11. (Ρώυτερ).— Οἱ Κοῦρδοι ἀρνοῦνται νὰ παραδώσουν τὸν ὁπλισμόν των καὶ ἑτοιμάζονται νὰ ἀναμετρηθοῦν μὲ τὰς ἐνόπλους δυνάμεις τῆς Βαγδάτης. Ὁ περσικὸς στρατὸς ἔλαβε διαταγὴν νὰ φονεύσῃ ἐπὶ τόπου πάντα ταραξοποιόν. Ὁ Νασσὲρ ἐπιδιώκει νὰ ἐκμεταλλευθῇ ὑπὲρ αὐτοῦ τὴν ὀξυνσιν τῆς καταστάσεως εἰς τὴν Μέσην Ἀνατολήν.

Ο «ΕΡΥΘΡΟΣ ΜΟΥΛΑΣ»

ΒΑΓΔΑΤΗ, 11. (Ρώυτερ).— Οἱ Κοῦρδοι ἀρνοῦνται νὰ παραδώσουν τὸν ὁπλισμόν των καὶ ἑτοιμάζονται νὰ ἀναμετρηθοῦν μὲ τὰς ἐνόπλους δυνάμεις τῆς Βαγδάτης. Ὁ περσικὸς στρατὸς ἔλαβε διαταγὴν νὰ φονεύσῃ ἐπὶ τόπου πάντα ταραξοποιόν. Ὁ Νασσὲρ ἐπιδιώκει νὰ ἐκμεταλλευθῇ ὑπὲρ αὐτοῦ τὴν ὀξυνσιν τῆς καταστάσεως εἰς τὴν Μέσην Ἀνατολήν.

ΔΗΛΩΣΕΙΣ ΤΟΥ κ. ΤΑΛΑΜΠΑΝΗ

ΒΑΓΔΑΤΗ, 11. (Ρώυτερ).— Οἱ Κοῦρδοι ἀρνοῦνται νὰ παραδώσουν τὸν ὁπλισμόν των καὶ ἑτοιμάζονται νὰ ἀναμετρηθοῦν μὲ τὰς ἐνόπλους δυνάμεις τῆς Βαγδάτης. Ὁ περσικὸς στρατὸς ἔλαβε διαταγὴν νὰ φονεύσῃ ἐπὶ τόπου πάντα ταραξοποιόν. Ὁ Νασσὲρ ἐπιδιώκει νὰ ἐκμεταλλευθῇ ὑπὲρ αὐτοῦ τὴν ὀξυνσιν τῆς καταστάσεως εἰς τὴν Μέσην Ἀνατολήν.

ΗΡΧΙΣΑΝ ΑΙ ΜΑΧΑΙ

ΒΑΓΔΑΤΗ, 11. (Ρώυτερ).— Οἱ Κοῦρδοι ἀρνοῦνται νὰ παραδώσουν τὸν ὁπλισμόν των καὶ ἑτοιμάζονται νὰ ἀναμετρηθοῦν μὲ τὰς ἐνόπλους δυνάμεις τῆς Βαγδάτης. Ὁ περσικὸς στρατὸς ἔλαβε διαταγὴν νὰ φονεύσῃ ἐπὶ τόπου πάντα ταραξοποιόν. Ὁ Νασσὲρ ἐπιδιώκει νὰ ἐκμεταλλευθῇ ὑπὲρ αὐτοῦ τὴν ὀξυνσιν τῆς καταστάσεως εἰς τὴν Μέσην Ἀνατολήν.

Η ΣΤΑΣΙΣ ΤΗΣ ΔΑΜΑΣΚΟΥ

ΒΑΓΔΑΤΗ, 11. (Ρώυτερ).— Οἱ Κοῦρδοι ἀρνοῦνται νὰ παραδώσουν τὸν ὁπλισμόν των καὶ ἑτοιμάζονται νὰ ἀναμετρηθοῦν μὲ τὰς ἐνόπλους δυνάμεις τῆς Βαγδάτης. Ὁ περσικὸς στρατὸς ἔλαβε διαταγὴν νὰ φονεύσῃ ἐπὶ τόπου πάντα ταραξοποιόν. Ὁ Νασσὲρ ἐπιδιώκει νὰ ἐκμεταλλευθῇ ὑπὲρ αὐτοῦ τὴν ὀξυνσιν τῆς καταστάσεως εἰς τὴν Μέσην Ἀνατολήν.
